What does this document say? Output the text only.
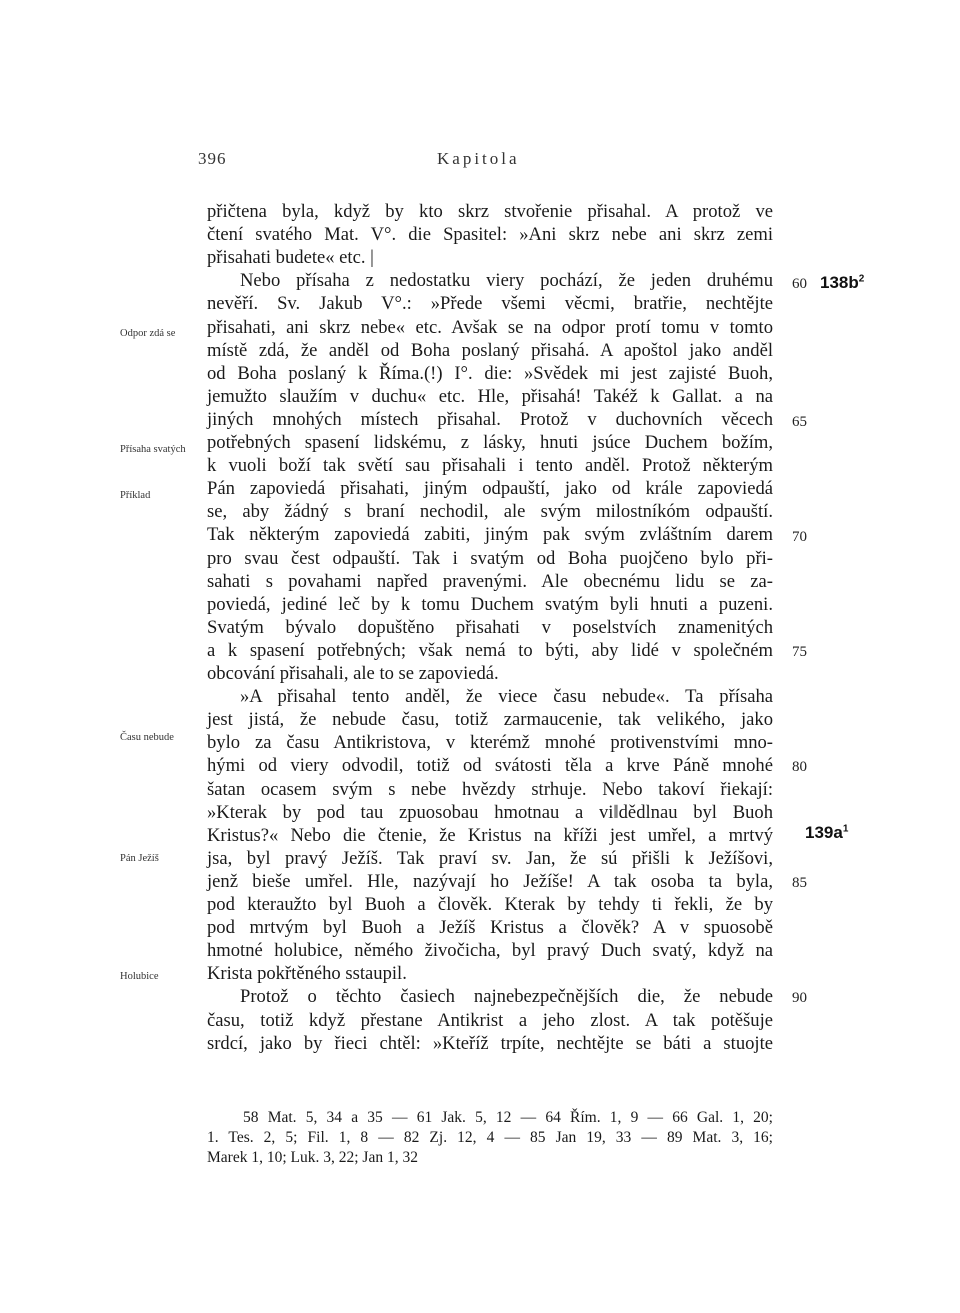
396	Kapitola
přičtena byla, když by kto skrz stvořenie přisahal. A protož ve
čtení svatého Mat. V°. die Spasitel: »Ani skrz nebe ani skrz zemi
přisahati budete« etc. |
Nebo přísaha z nedostatku viery pochází, že jeden druhému
nevěří. Sv. Jakub V°.: »Přede všemi věcmi, bratřie, nechtějte
přisahati, ani skrz nebe« etc. Avšak se na odpor protí tomu v tomto
místě zdá, že anděl od Boha poslaný přisahá. A apoštol jako anděl
od Boha poslaný k Říma.(!) I°. die: »Svědek mi jest zajisté Buoh,
jemužto slaužím v duchu« etc. Hle, přisahá! Takéž k Gallat. a na
jiných mnohých místech přisahal. Protož v duchovních věcech
potřebných spasení lidskému, z lásky, hnuti jsúce Duchem božím,
k vuoli boží tak světí sau přisahali i tento anděl. Protož některým
Pán zapoviedá přisahati, jiným odpauští, jako od krále zapoviedá
se, aby žádný s braní nechodil, ale svým milostníkóm odpauští.
Tak některým zapoviedá zabiti, jiným pak svým zvláštním darem
pro svau čest odpauští. Tak i svatým od Boha puojčeno bylo při-
sahati s povahami napřed pravenými. Ale obecnému lidu se za-
poviedá, jediné leč by k tomu Duchem svatým byli hnuti a puzeni.
Svatým bývalo dopuštěno přisahati v poselstvích znamenitých
a k spasení potřebných; však nemá to býti, aby lidé v společném
obcování přisahali, ale to se zapoviedá.
»A přisahal tento anděl, že viece času nebude«. Ta přísaha
jest jistá, že nebude času, totiž zarmaucenie, tak velikého, jako
bylo za času Antikristova, v kterémž mnohé protivenstvími mno-
hými od viery odvodil, totiž od svátosti těla a krve Páně mnohé
šatan ocasem svým s nebe hvězdy strhuje. Nebo takoví řiekají:
»Kterak by pod tau zpuosobau hmotnau a vi‖dědlnau byl Buoh
Kristus?« Nebo die čtenie, že Kristus na kříži jest umřel, a mrtvý
jsa, byl pravý Ježíš. Tak praví sv. Jan, že sú přišli k Ježíšovi,
jenž bieše umřel. Hle, nazývají ho Ježíše! A tak osoba ta byla,
pod kteraužto byl Buoh a člověk. Kterak by tehdy ti řekli, že by
pod mrtvým byl Buoh a Ježíš Kristus a člověk? A v spuosobě
hmotné holubice, němého živočicha, byl pravý Duch svatý, když na
Krista pokřtěného sstaupil.
Protož o těchto časiech najnebezpečnějších die, že nebude
času, totiž když přestane Antikrist a jeho zlost. A tak potěšuje
srdcí, jako by řieci chtěl: »Kteříž trpíte, nechtějte se báti a stuojte
Odpor zdá se
Přísaha svatých
Příklad
Času nebude
Pán Ježíš
Holubice
$138b^2$
$139a^1$
60
65
70
75
80
85
90
58 Mat. 5, 34 a 35 — 61 Jak. 5, 12 — 64 Řím. 1, 9 — 66 Gal. 1, 20;
1. Tes. 2, 5; Fil. 1, 8 — 82 Zj. 12, 4 — 85 Jan 19, 33 — 89 Mat. 3, 16;
Marek 1, 10; Luk. 3, 22; Jan 1, 32
